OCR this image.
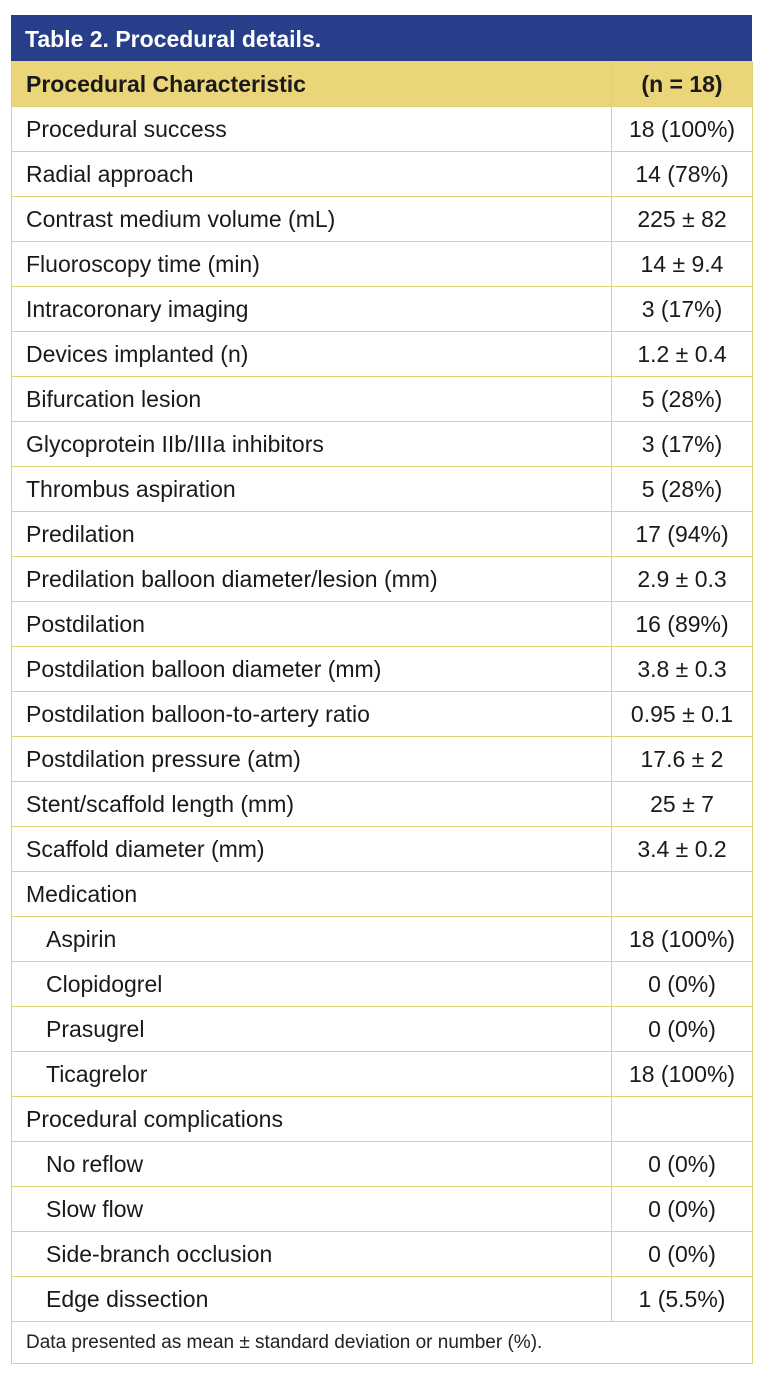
Table 2. Procedural details.
Procedural Characteristic	(n = 18)
Procedural success	18 (100%)
Radial approach	14 (78%)
Contrast medium volume (mL)	225 ± 82
Fluoroscopy time (min)	14 ± 9.4
Intracoronary imaging	3 (17%)
Devices implanted (n)	1.2 ± 0.4
Bifurcation lesion	5 (28%)
Glycoprotein IIb/IIIa inhibitors	3 (17%)
Thrombus aspiration	5 (28%)
Predilation	17 (94%)
Predilation balloon diameter/lesion (mm)	2.9 ± 0.3
Postdilation	16 (89%)
Postdilation balloon diameter (mm)	3.8 ± 0.3
Postdilation balloon-to-artery ratio	0.95 ± 0.1
Postdilation pressure (atm)	17.6 ± 2
Stent/scaffold length (mm)	25 ± 7
Scaffold diameter (mm)	3.4 ± 0.2
Medication	
Aspirin	18 (100%)
Clopidogrel	0 (0%)
Prasugrel	0 (0%)
Ticagrelor	18 (100%)
Procedural complications	
No reflow	0 (0%)
Slow flow	0 (0%)
Side-branch occlusion	0 (0%)
Edge dissection	1 (5.5%)
Data presented as mean ± standard deviation or number (%).	
